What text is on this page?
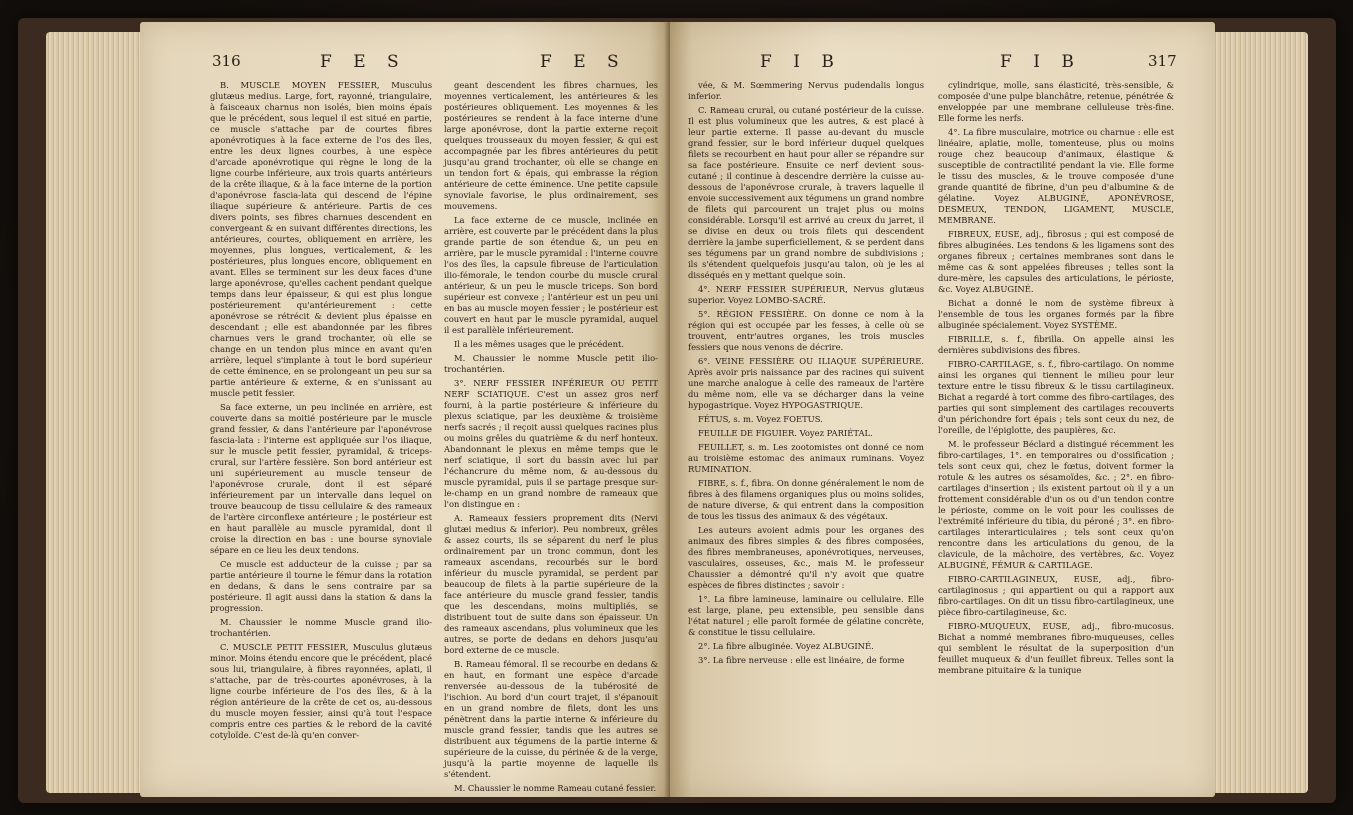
316	F E S	F E S

B. MUSCLE MOYEN FESSIER, Musculus glutæus medius. Large, fort, rayonné, triangulaire, à faisceaux charnus non isolés, bien moins épais que le précédent, sous lequel il est situé en partie, ce muscle s'attache par de courtes fibres aponévrotiques à la face externe de l'os des îles, entre les deux lignes courbes, à une espèce d'arcade aponévrotique qui règne le long de la ligne courbe inférieure, aux trois quarts antérieurs de la crête iliaque, & à la face interne de la portion d'aponévrose fascia-lata qui descend de l'épine iliaque supérieure & antérieure. Partis de ces divers points, ses fibres charnues descendent en convergeant & en suivant différentes directions, les antérieures, courtes, obliquement en arrière, les moyennes, plus longues, verticalement, & les postérieures, plus longues encore, obliquement en avant. Elles se terminent sur les deux faces d'une large aponévrose, qu'elles cachent pendant quelque temps dans leur épaisseur, & qui est plus longue postérieurement qu'antérieurement : cette aponévrose se rétrécit & devient plus épaisse en descendant ; elle est abandonnée par les fibres charnues vers le grand trochanter, où elle se change en un tendon plus mince en avant qu'en arrière, lequel s'implante à tout le bord supérieur de cette éminence, en se prolongeant un peu sur sa partie antérieure & externe, & en s'unissant au muscle petit fessier.

Sa face externe, un peu inclinée en arrière, est couverte dans sa moitié postérieure par le muscle grand fessier, & dans l'antérieure par l'aponévrose fascia-lata : l'interne est appliquée sur l'os iliaque, sur le muscle petit fessier, pyramidal, & triceps-crural, sur l'artère fessière. Son bord antérieur est uni supérieurement au muscle tenseur de l'aponévrose crurale, dont il est séparé inférieurement par un intervalle dans lequel on trouve beaucoup de tissu cellulaire & des rameaux de l'artère circonflexe antérieure ; le postérieur est en haut parallèle au muscle pyramidal, dont il croise la direction en bas : une bourse synoviale sépare en ce lieu les deux tendons.

Ce muscle est adducteur de la cuisse ; par sa partie antérieure il tourne le fémur dans la rotation en dedans, & dans le sens contraire par sa postérieure. Il agit aussi dans la station & dans la progression.

M. Chaussier le nomme Muscle grand ilio-trochantérien.

C. MUSCLE PETIT FESSIER, Musculus glutæus minor. Moins étendu encore que le précédent, placé sous lui, triangulaire, à fibres rayonnées, aplati, il s'attache, par de très-courtes aponévroses, à la ligne courbe inférieure de l'os des îles, & à la région antérieure de la crête de cet os, au-dessous du muscle moyen fessier, ainsi qu'à tout l'espace compris entre ces parties & le rebord de la cavité cotyloïde. C'est de-là qu'en conver-

geant descendent les fibres charnues, les moyennes verticalement, les antérieures & les postérieures obliquement. Les moyennes & les postérieures se rendent à la face interne d'une large aponévrose, dont la partie externe reçoit quelques trousseaux du moyen fessier, & qui est accompagnée par les fibres antérieures du petit jusqu'au grand trochanter, où elle se change en un tendon fort & épais, qui embrasse la région antérieure de cette éminence. Une petite capsule synoviale favorise, le plus ordinairement, ses mouvemens.

La face externe de ce muscle, inclinée en arrière, est couverte par le précédent dans la plus grande partie de son étendue &, un peu en arrière, par le muscle pyramidal : l'interne couvre l'os des îles, la capsule fibreuse de l'articulation ilio-fémorale, le tendon courbe du muscle crural antérieur, & un peu le muscle triceps. Son bord supérieur est convexe ; l'antérieur est un peu uni en bas au muscle moyen fessier ; le postérieur est couvert en haut par le muscle pyramidal, auquel il est parallèle inférieurement.

Il a les mêmes usages que le précédent.

M. Chaussier le nomme Muscle petit ilio-trochantérien.

3°. NERF FESSIER INFÉRIEUR OU PETIT NERF SCIATIQUE. C'est un assez gros nerf fourni, à la partie postérieure & inférieure du plexus sciatique, par les deuxième & troisième nerfs sacrés ; il reçoit aussi quelques racines plus ou moins grêles du quatrième & du nerf honteux. Abandonnant le plexus en même temps que le nerf sciatique, il sort du bassin avec lui par l'échancrure du même nom, & au-dessous du muscle pyramidal, puis il se partage presque sur-le-champ en un grand nombre de rameaux que l'on distingue en :

A. Rameaux fessiers proprement dits (Nervi glutæi medius & inferior). Peu nombreux, grêles & assez courts, ils se séparent du nerf le plus ordinairement par un tronc commun, dont les rameaux ascendans, recourbés sur le bord inférieur du muscle pyramidal, se perdent par beaucoup de filets à la partie supérieure de la face antérieure du muscle grand fessier, tandis que les descendans, moins multipliés, se distribuent tout de suite dans son épaisseur. Un des rameaux ascendans, plus volumineux que les autres, se porte de dedans en dehors jusqu'au bord externe de ce muscle.

B. Rameau fémoral. Il se recourbe en dedans & en haut, en formant une espèce d'arcade renversée au-dessous de la tubérosité de l'ischion. Au bord d'un court trajet, il s'épanouit en un grand nombre de filets, dont les uns pénètrent dans la partie interne & inférieure du muscle grand fessier, tandis que les autres se distribuent aux tégumens de la partie interne & supérieure de la cuisse, du périnée & de la verge, jusqu'à la partie moyenne de laquelle ils s'étendent.

M. Chaussier le nomme Rameau cutané fessier.

F I B	F I B	317

vée, & M. Sœmmering Nervus pudendalis longus inferior.

C. Rameau crural, ou cutané postérieur de la cuisse. Il est plus volumineux que les autres, & est placé à leur partie externe. Il passe au-devant du muscle grand fessier, sur le bord inférieur duquel quelques filets se recourbent en haut pour aller se répandre sur sa face postérieure. Ensuite ce nerf devient sous-cutané ; il continue à descendre derrière la cuisse au-dessous de l'aponévrose crurale, à travers laquelle il envoie successivement aux tégumens un grand nombre de filets qui parcourent un trajet plus ou moins considérable. Lorsqu'il est arrivé au creux du jarret, il se divise en deux ou trois filets qui descendent derrière la jambe superficiellement, & se perdent dans ses tégumens par un grand nombre de subdivisions ; ils s'étendent quelquefois jusqu'au talon, où je les ai disséqués en y mettant quelque soin.

4°. NERF FESSIER SUPÉRIEUR, Nervus glutæus superior. Voyez LOMBO-SACRÉ.

5°. RÉGION FESSIÈRE. On donne ce nom à la région qui est occupée par les fesses, à celle où se trouvent, entr'autres organes, les trois muscles fessiers que nous venons de décrire.

6°. VEINE FESSIÈRE OU ILIAQUE SUPÉRIEURE. Après avoir pris naissance par des racines qui suivent une marche analogue à celle des rameaux de l'artère du même nom, elle va se décharger dans la veine hypogastrique. Voyez HYPOGASTRIQUE.

FÉTUS, s. m. Voyez FOETUS.

FEUILLE DE FIGUIER. Voyez PARIÉTAL.

FEUILLET, s. m. Les zootomistes ont donné ce nom au troisième estomac des animaux ruminans. Voyez RUMINATION.

FIBRE, s. f., fibra. On donne généralement le nom de fibres à des filamens organiques plus ou moins solides, de nature diverse, & qui entrent dans la composition de tous les tissus des animaux & des végétaux.

Les auteurs avoient admis pour les organes des animaux des fibres simples & des fibres composées, des fibres membraneuses, aponévrotiques, nerveuses, vasculaires, osseuses, &c., mais M. le professeur Chaussier a démontré qu'il n'y avoit que quatre espèces de fibres distinctes ; savoir :

1°. La fibre lamineuse, laminaire ou cellulaire. Elle est large, plane, peu extensible, peu sensible dans l'état naturel ; elle paroît formée de gélatine concrète, & constitue le tissu cellulaire.

2°. La fibre albuginée. Voyez ALBUGINÉ.

3°. La fibre nerveuse : elle est linéaire, de forme

cylindrique, molle, sans élasticité, très-sensible, & composée d'une pulpe blanchâtre, retenue, pénétrée & enveloppée par une membrane celluleuse très-fine. Elle forme les nerfs.

4°. La fibre musculaire, motrice ou charnue : elle est linéaire, aplatie, molle, tomenteuse, plus ou moins rouge chez beaucoup d'animaux, élastique & susceptible de contractilité pendant la vie. Elle forme le tissu des muscles, & le trouve composée d'une grande quantité de fibrine, d'un peu d'albumine & de gélatine. Voyez ALBUGINÉ, APONÉVROSE, DESMEUX, TENDON, LIGAMENT, MUSCLE, MEMBRANE.

FIBREUX, EUSE, adj., fibrosus ; qui est composé de fibres albuginées. Les tendons & les ligamens sont des organes fibreux ; certaines membranes sont dans le même cas & sont appelées fibreuses ; telles sont la dure-mère, les capsules des articulations, le périoste, &c. Voyez ALBUGINÉ.

Bichat a donné le nom de système fibreux à l'ensemble de tous les organes formés par la fibre albuginée spécialement. Voyez SYSTÈME.

FIBRILLE, s. f., fibrilla. On appelle ainsi les dernières subdivisions des fibres.

FIBRO-CARTILAGE, s. f., fibro-cartilago. On nomme ainsi les organes qui tiennent le milieu pour leur texture entre le tissu fibreux & le tissu cartilagineux. Bichat a regardé à tort comme des fibro-cartilages, des parties qui sont simplement des cartilages recouverts d'un périchondre fort épais ; tels sont ceux du nez, de l'oreille, de l'épiglotte, des paupières, &c.

M. le professeur Béclard a distingué récemment les fibro-cartilages, 1°. en temporaires ou d'ossification ; tels sont ceux qui, chez le fœtus, doivent former la rotule & les autres os sésamoïdes, &c. ; 2°. en fibro-cartilages d'insertion ; ils existent partout où il y a un frottement considérable d'un os ou d'un tendon contre le périoste, comme on le voit pour les coulisses de l'extrémité inférieure du tibia, du péroné ; 3°. en fibro-cartilages interarticulaires ; tels sont ceux qu'on rencontre dans les articulations du genou, de la clavicule, de la mâchoire, des vertèbres, &c. Voyez ALBUGINÉ, FÉMUR & CARTILAGE.

FIBRO-CARTILAGINEUX, EUSE, adj., fibro-cartilaginosus ; qui appartient ou qui a rapport aux fibro-cartilages. On dit un tissu fibro-cartilagineux, une pièce fibro-cartilagineuse, &c.

FIBRO-MUQUEUX, EUSE, adj., fibro-mucosus. Bichat a nommé membranes fibro-muqueuses, celles qui semblent le résultat de la superposition d'un feuillet muqueux & d'un feuillet fibreux. Telles sont la membrane pituitaire & la tunique
